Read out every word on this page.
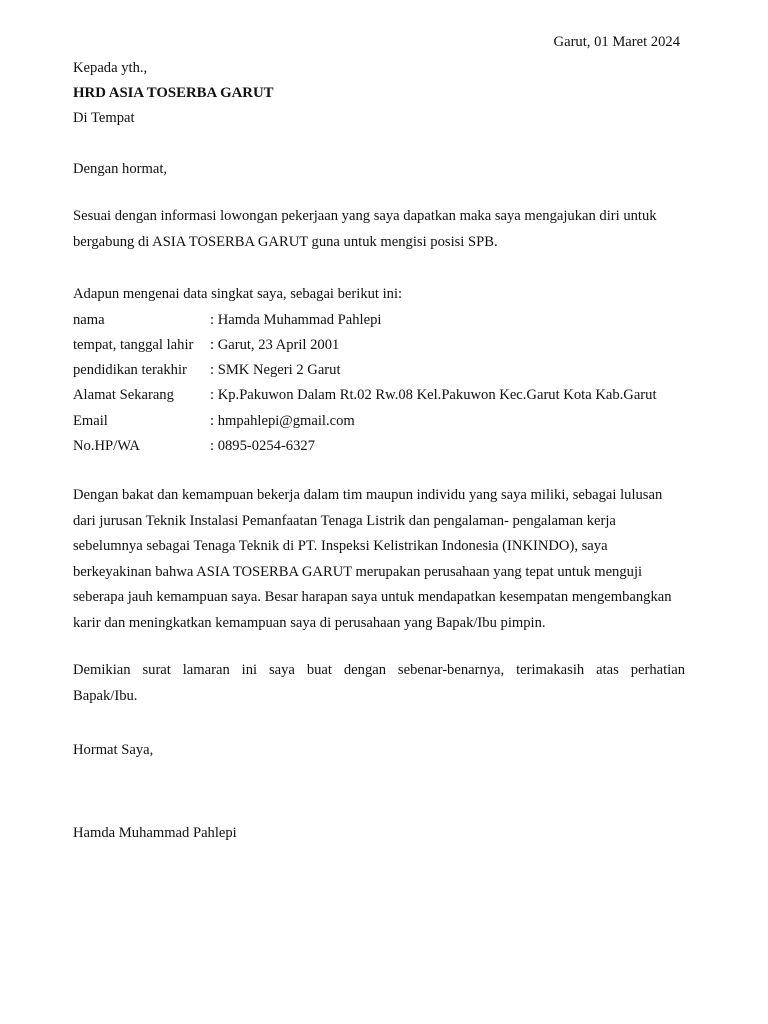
Garut, 01 Maret 2024
Kepada yth.,
HRD ASIA TOSERBA GARUT
Di Tempat
Dengan hormat,
Sesuai dengan informasi lowongan pekerjaan yang saya dapatkan maka saya mengajukan diri untuk
bergabung di ASIA TOSERBA GARUT guna untuk mengisi posisi SPB.
Adapun mengenai data singkat saya, sebagai berikut ini:
nama	: Hamda Muhammad Pahlepi
tempat, tanggal lahir : Garut, 23 April 2001
pendidikan terakhir : SMK Negeri 2 Garut
Alamat Sekarang : Kp.Pakuwon Dalam Rt.02 Rw.08 Kel.Pakuwon Kec.Garut Kota Kab.Garut
Email	: hmpahlepi@gmail.com
No.HP/WA	: 0895-0254-6327
Dengan bakat dan kemampuan bekerja dalam tim maupun individu yang saya miliki, sebagai lulusan
dari jurusan Teknik Instalasi Pemanfaatan Tenaga Listrik dan pengalaman- pengalaman kerja
sebelumnya sebagai Tenaga Teknik di PT. Inspeksi Kelistrikan Indonesia (INKINDO), saya
berkeyakinan bahwa ASIA TOSERBA GARUT merupakan perusahaan yang tepat untuk menguji
seberapa jauh kemampuan saya. Besar harapan saya untuk mendapatkan kesempatan mengembangkan
karir dan meningkatkan kemampuan saya di perusahaan yang Bapak/Ibu pimpin.
Demikian surat lamaran ini saya buat dengan sebenar-benarnya, terimakasih atas perhatian
Bapak/Ibu.
Hormat Saya,
Hamda Muhammad Pahlepi
